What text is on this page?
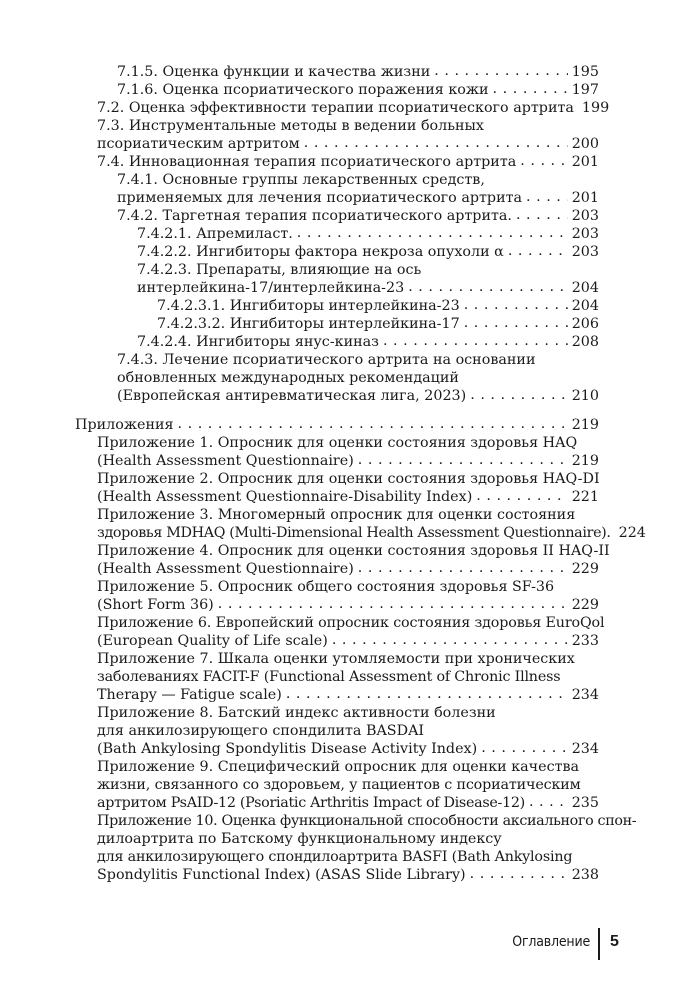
7.1.5. Оценка функции и качества жизни . . .	195
7.1.6. Оценка псориатического поражения кожи . . .	197
7.2. Оценка эффективности терапии псориатического артрита 199
7.3. Инструментальные методы в ведении больных
псориатическим артритом . . .	200
7.4. Инновационная терапия псориатического артрита . . .	201
7.4.1. Основные группы лекарственных средств,
применяемых для лечения псориатического артрита . . .	201
7.4.2. Таргетная терапия псориатического артрита. . . .	203
7.4.2.1. Апремиласт. . . .	203
7.4.2.2. Ингибиторы фактора некроза опухоли α . . .	203
7.4.2.3. Препараты, влияющие на ось
интерлейкина-17/интерлейкина-23 . . .	204
7.4.2.3.1. Ингибиторы интерлейкина-23 . . .	204
7.4.2.3.2. Ингибиторы интерлейкина-17 . . .	206
7.4.2.4. Ингибиторы янус-киназ . . .	208
7.4.3. Лечение псориатического артрита на основании
обновленных международных рекомендаций
(Европейская антиревматическая лига, 2023) . . .	210
Приложения . . .	219
Приложение 1. Опросник для оценки состояния здоровья HAQ
(Health Assessment Questionnaire) . . .	219
Приложение 2. Опросник для оценки состояния здоровья HAQ-DI
(Health Assessment Questionnaire-Disability Index) . . .	221
Приложение 3. Многомерный опросник для оценки состояния
здоровья MDHAQ (Multi-Dimensional Health Assessment Questionnaire). 224
Приложение 4. Опросник для оценки состояния здоровья II HAQ-II
(Health Assessment Questionnaire) . . .	229
Приложение 5. Опросник общего состояния здоровья SF-36
(Short Form 36) . . .	229
Приложение 6. Европейский опросник состояния здоровья EuroQol
(European Quality of Life scale) . . .	233
Приложение 7. Шкала оценки утомляемости при хронических
заболеваниях FACIT-F (Functional Assessment of Chronic Illness
Therapy — Fatigue scale) . . .	234
Приложение 8. Батский индекс активности болезни
для анкилозирующего спондилита BASDAI
(Bath Ankylosing Spondylitis Disease Activity Index) . . .	234
Приложение 9. Специфический опросник для оценки качества
жизни, связанного со здоровьем, у пациентов с псориатическим
артритом PsAID-12 (Psoriatic Arthritis Impact of Disease-12) . . .	235
Приложение 10. Оценка функциональной способности аксиального спон-
дилоартрита по Батскому функциональному индексу
для анкилозирующего спондилоартрита BASFI (Bath Ankylosing
Spondylitis Functional Index) (ASAS Slide Library) . . .	238
Оглавление 5
